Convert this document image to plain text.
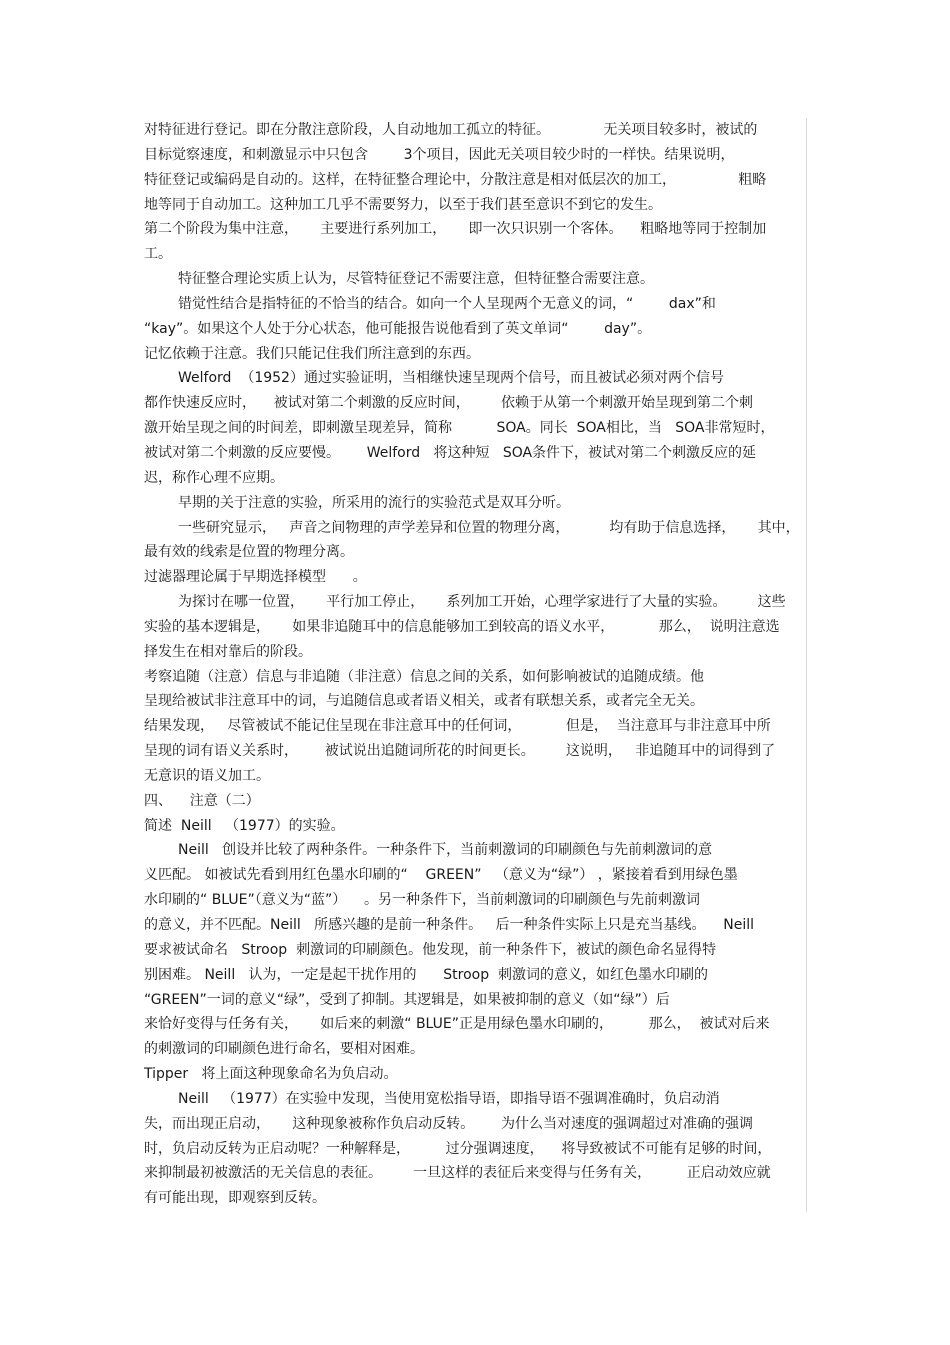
对特征进行登记。即在分散注意阶段，人自动地加工孤立的特征。            无关项目较多时，被试的
目标觉察速度，和刺激显示中只包含        3个项目，因此无关项目较少时的一样快。结果说明，
特征登记或编码是自动的。这样，在特征整合理论中，分散注意是相对低层次的加工，              粗略
地等同于自动加工。这种加工几乎不需要努力，以至于我们甚至意识不到它的发生。
第二个阶段为集中注意，     主要进行系列加工，     即一次只识别一个客体。    粗略地等同于控制加
工。
特征整合理论实质上认为，尽管特征登记不需要注意，但特征整合需要注意。
错觉性结合是指特征的不恰当的结合。如向一个人呈现两个无意义的词，“        dax”和
“kay”。如果这个人处于分心状态，他可能报告说他看到了英文单词“        day”。
记忆依赖于注意。我们只能记住我们所注意到的东西。
Welford  （1952）通过实验证明，当相继快速呈现两个信号，而且被试必须对两个信号
都作快速反应时，    被试对第二个刺激的反应时间，       依赖于从第一个刺激开始呈现到第二个刺
激开始呈现之间的时间差，即刺激呈现差异，简称          SOA。同长  SOA相比，当   SOA非常短时，
被试对第二个刺激的反应要慢。      Welford   将这种短   SOA条件下，被试对第二个刺激反应的延
迟，称作心理不应期。
早期的关于注意的实验，所采用的流行的实验范式是双耳分听。
一些研究显示，   声音之间物理的声学差异和位置的物理分离，         均有助于信息选择，     其中，
最有效的线索是位置的物理分离。
过滤器理论属于早期选择模型      。
为探讨在哪一位置，     平行加工停止，     系列加工开始，心理学家进行了大量的实验。       这些
实验的基本逻辑是，     如果非追随耳中的信息能够加工到较高的语义水平，          那么，  说明注意选
择发生在相对靠后的阶段。
考察追随（注意）信息与非追随（非注意）信息之间的关系，如何影响被试的追随成绩。他
呈现给被试非注意耳中的词，与追随信息或者语义相关，或者有联想关系，或者完全无关。
结果发现，   尽管被试不能记住呈现在非注意耳中的任何词，          但是，  当注意耳与非注意耳中所
呈现的词有语义关系时，      被试说出追随词所花的时间更长。       这说明，   非追随耳中的词得到了
无意识的语义加工。
四、    注意（二）
简述  Neill   （1977）的实验。
Neill   创设并比较了两种条件。一种条件下，当前刺激词的印刷颜色与先前刺激词的意
义匹配。 如被试先看到用红色墨水印刷的“    GREEN”   （意义为“绿”） ，紧接着看到用绿色墨
水印刷的“ BLUE”（意义为“蓝”）    。另一种条件下，当前刺激词的印刷颜色与先前刺激词
的意义，并不匹配。Neill   所感兴趣的是前一种条件。   后一种条件实际上只是充当基线。    Neill
要求被试命名   Stroop  刺激词的印刷颜色。他发现，前一种条件下，被试的颜色命名显得特
别困难。 Neill   认为，一定是起干扰作用的      Stroop  刺激词的意义，如红色墨水印刷的
“GREEN”一词的意义“绿”，受到了抑制。其逻辑是，如果被抑制的意义（如“绿”）后
来恰好变得与任务有关，     如后来的刺激“ BLUE”正是用绿色墨水印刷的，        那么，  被试对后来
的刺激词的印刷颜色进行命名，要相对困难。
Tipper   将上面这种现象命名为负启动。
Neill   （1977）在实验中发现，当使用宽松指导语，即指导语不强调准确时，负启动消
失，而出现正启动，     这种现象被称作负启动反转。      为什么当对速度的强调超过对准确的强调
时，负启动反转为正启动呢？一种解释是，        过分强调速度，    将导致被试不可能有足够的时间，
来抑制最初被激活的无关信息的表征。       一旦这样的表征后来变得与任务有关，        正启动效应就
有可能出现，即观察到反转。
